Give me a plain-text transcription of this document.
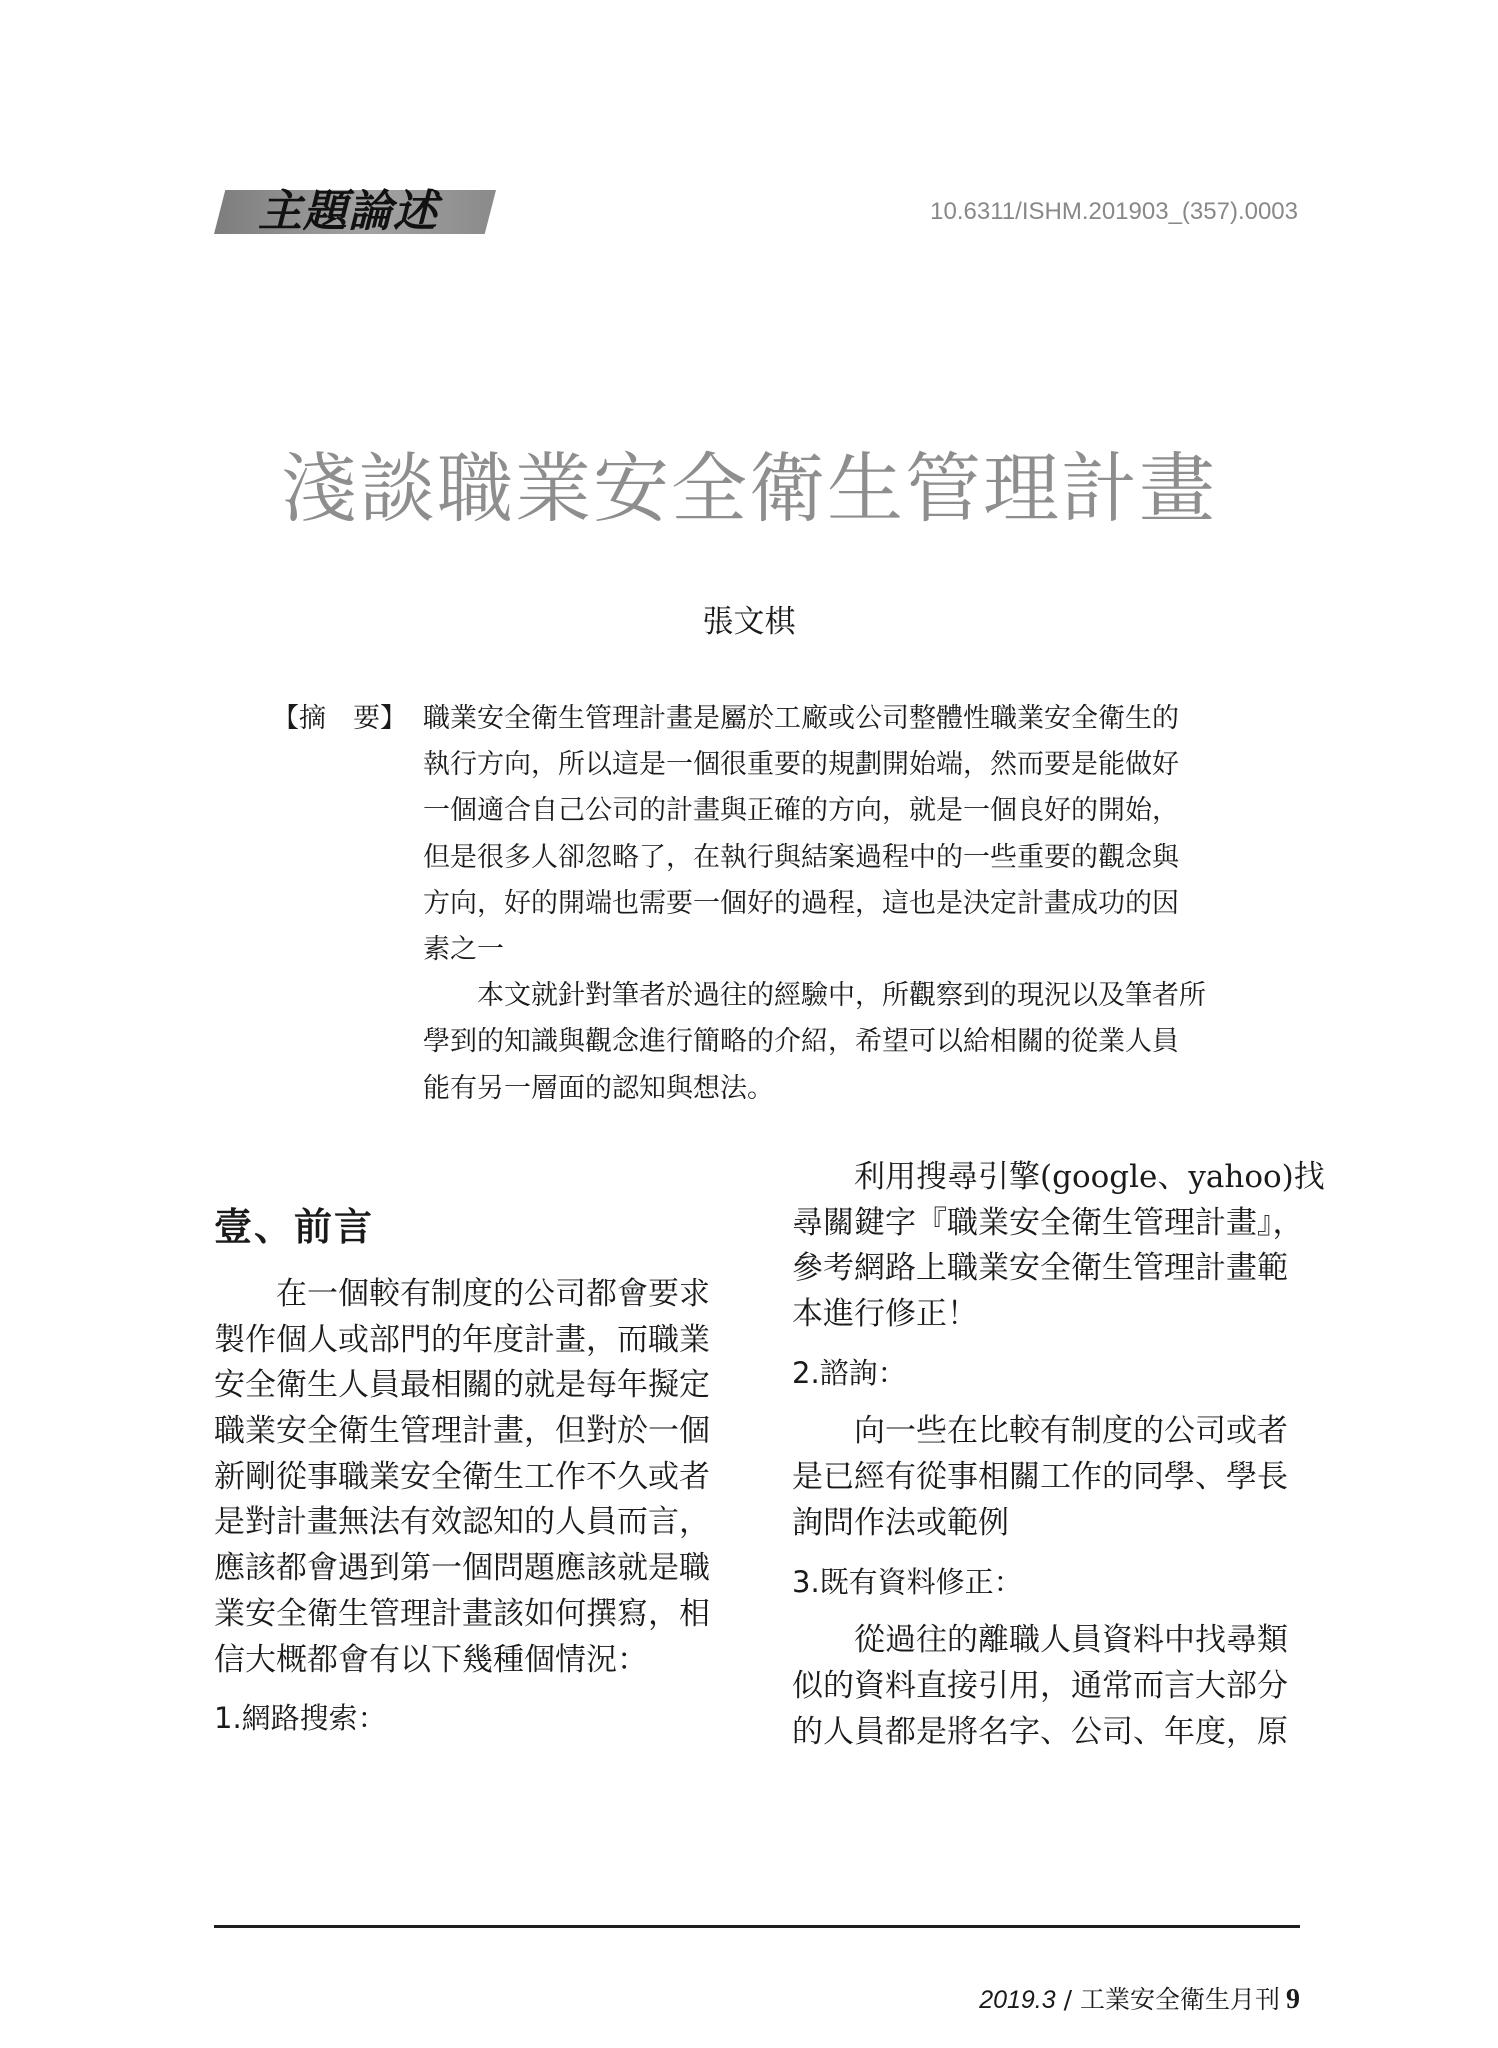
主題論述	10.6311/ISHM.201903_(357).0003
淺談職業安全衛生管理計畫
張文棋
【摘　要】 職業安全衛生管理計畫是屬於工廠或公司整體性職業安全衛生的
執行方向，所以這是一個很重要的規劃開始端，然而要是能做好
一個適合自己公司的計畫與正確的方向，就是一個良好的開始，
但是很多人卻忽略了，在執行與結案過程中的一些重要的觀念與
方向，好的開端也需要一個好的過程，這也是決定計畫成功的因
素之一
本文就針對筆者於過往的經驗中，所觀察到的現況以及筆者所
學到的知識與觀念進行簡略的介紹，希望可以給相關的從業人員
能有另一層面的認知與想法。
壹、前言
在一個較有制度的公司都會要求
製作個人或部門的年度計畫，而職業
安全衛生人員最相關的就是每年擬定
職業安全衛生管理計畫，但對於一個
新剛從事職業安全衛生工作不久或者
是對計畫無法有效認知的人員而言，
應該都會遇到第一個問題應該就是職
業安全衛生管理計畫該如何撰寫，相
信大概都會有以下幾種個情況：
1.網路搜索：
利用搜尋引擎(google、yahoo)找
尋關鍵字『職業安全衛生管理計畫』，
參考網路上職業安全衛生管理計畫範
本進行修正！
2.諮詢：
向一些在比較有制度的公司或者
是已經有從事相關工作的同學、學長
詢問作法或範例
3.既有資料修正：
從過往的離職人員資料中找尋類
似的資料直接引用，通常而言大部分
的人員都是將名字、公司、年度，原
2019.3 / 工業安全衛生月刊 9
